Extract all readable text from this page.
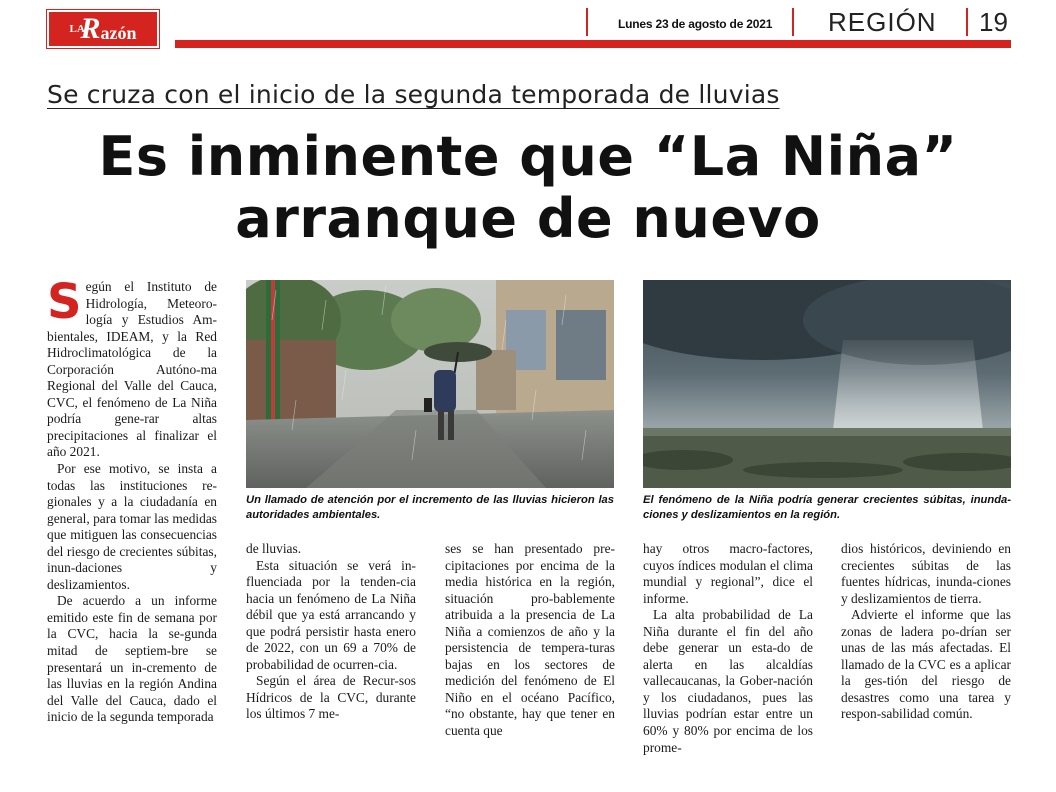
LA
R azón	Lunes 23 de agosto de 2021 REGIÓN 19
Se cruza con el inicio de la segunda temporada de lluvias
Es inminente que “La Niña”
arranque de nuevo

Según el Instituto de Hidrología, Meteoro-logía y Estudios Am-bientales, IDEAM, y la Red Hidroclimatológica de la Corporación Autóno-ma Regional del Valle del Cauca, CVC, el fenómeno de La Niña podría gene-rar altas precipitaciones al finalizar el año 2021.

Por ese motivo, se insta a todas las instituciones re-gionales y a la ciudadanía en general, para tomar las medidas que mitiguen las consecuencias del riesgo de crecientes súbitas, inun-daciones y deslizamientos.

De acuerdo a un informe emitido este fin de semana por la CVC, hacia la se-gunda mitad de septiem-bre se presentará un in-cremento de las lluvias en la región Andina del Valle del Cauca, dado el inicio de la segunda temporada

Un llamado de atención por el incremento de las lluvias hicieron las autoridades ambientales.
El fenómeno de la Niña podría generar crecientes súbitas, inunda-ciones y deslizamientos en la región.

de lluvias.

Esta situación se verá in-fluenciada por la tenden-cia hacia un fenómeno de La Niña débil que ya está arrancando y que podrá persistir hasta enero de 2022, con un 69 a 70% de probabilidad de ocurren-cia.

Según el área de Recur-sos Hídricos de la CVC, durante los últimos 7 me-

ses se han presentado pre-cipitaciones por encima de la media histórica en la región, situación pro-bablemente atribuida a la presencia de La Niña a comienzos de año y la persistencia de tempera-turas bajas en los sectores de medición del fenómeno de El Niño en el océano Pacífico, “no obstante, hay que tener en cuenta que

hay otros macro-factores, cuyos índices modulan el clima mundial y regional”, dice el informe.

La alta probabilidad de La Niña durante el fin del año debe generar un esta-do de alerta en las alcaldías vallecaucanas, la Gober-nación y los ciudadanos, pues las lluvias podrían estar entre un 60% y 80% por encima de los prome-

dios históricos, deviniendo en crecientes súbitas de las fuentes hídricas, inunda-ciones y deslizamientos de tierra.

Advierte el informe que las zonas de ladera po-drían ser unas de las más afectadas. El llamado de la CVC es a aplicar la ges-tión del riesgo de desastres como una tarea y respon-sabilidad común.
